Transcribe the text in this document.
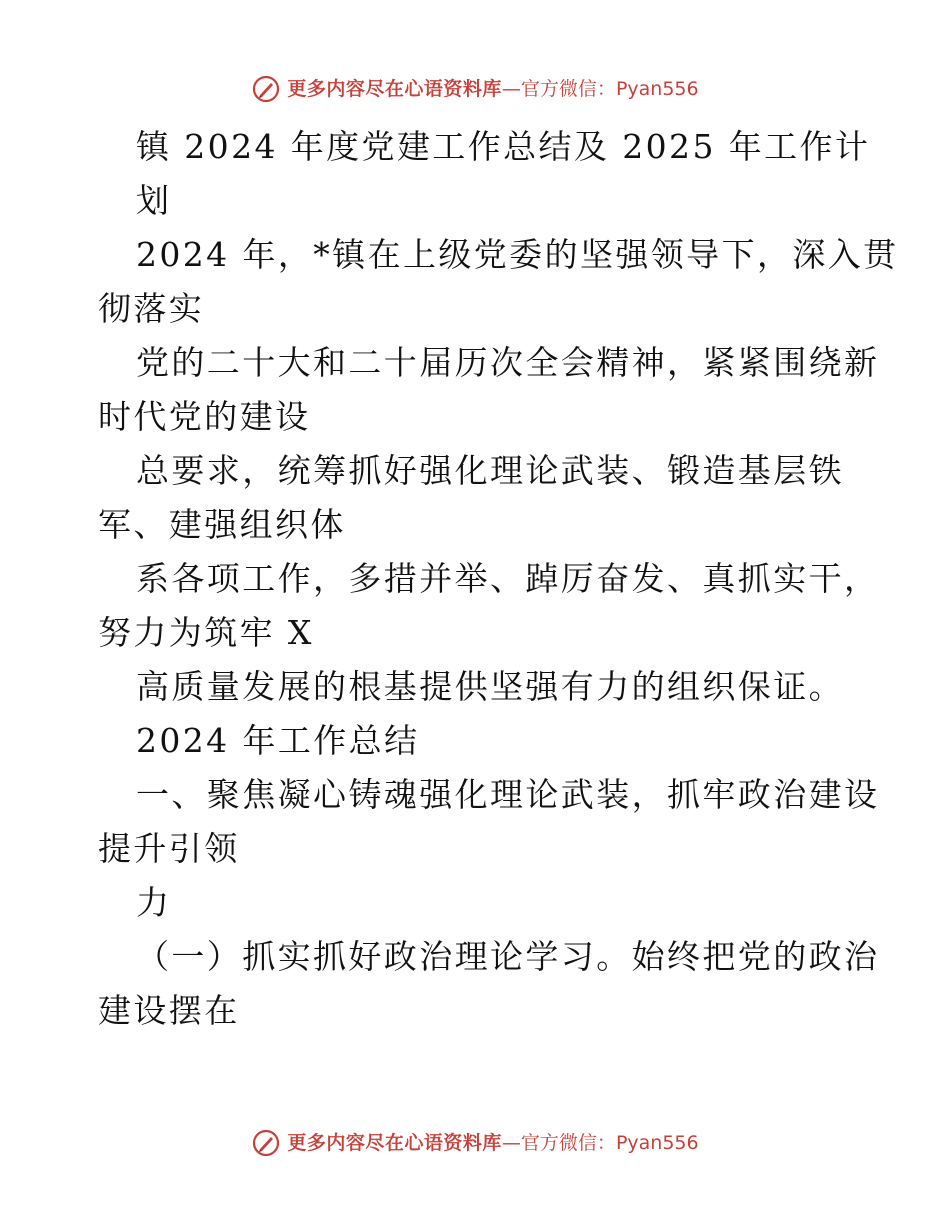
更多内容尽在心语资料库 — 官方微信： Pyan556
镇 2024 年度党建工作总结及 2025 年工作计
划
2024 年，*镇在上级党委的坚强领导下，深入贯
彻落实
党的二十大和二十届历次全会精神，紧紧围绕新
时代党的建设
总要求，统筹抓好强化理论武装、锻造基层铁
军、建强组织体
系各项工作，多措并举、踔厉奋发、真抓实干，
努力为筑牢 X
高质量发展的根基提供坚强有力的组织保证。
2024 年工作总结
一、聚焦凝心铸魂强化理论武装，抓牢政治建设
提升引领
力
（一）抓实抓好政治理论学习。始终把党的政治
建设摆在
更多内容尽在心语资料库 — 官方微信： Pyan556
